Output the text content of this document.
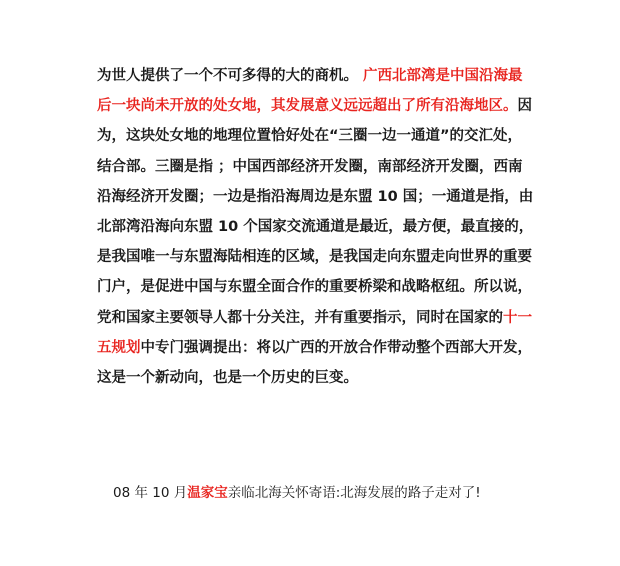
为世人提供了一个不可多得的大的商机。 广西北部湾是中国沿海最
后一块尚未开放的处女地，其发展意义远远超出了所有沿海地区。因
为，这块处女地的地理位置恰好处在“三圈一边一通道”的交汇处，
结合部。三圈是指 ；中国西部经济开发圈，南部经济开发圈，西南
沿海经济开发圈；一边是指沿海周边是东盟 10 国；一通道是指，由
北部湾沿海向东盟 10 个国家交流通道是最近，最方便，最直接的，
是我国唯一与东盟海陆相连的区域，是我国走向东盟走向世界的重要
门户，是促进中国与东盟全面合作的重要桥梁和战略枢纽。所以说，
党和国家主要领导人都十分关注，并有重要指示，同时在国家的十一
五规划中专门强调提出：将以广西的开放合作带动整个西部大开发，
这是一个新动向，也是一个历史的巨变。
08 年 10 月温家宝亲临北海关怀寄语:北海发展的路子走对了!
